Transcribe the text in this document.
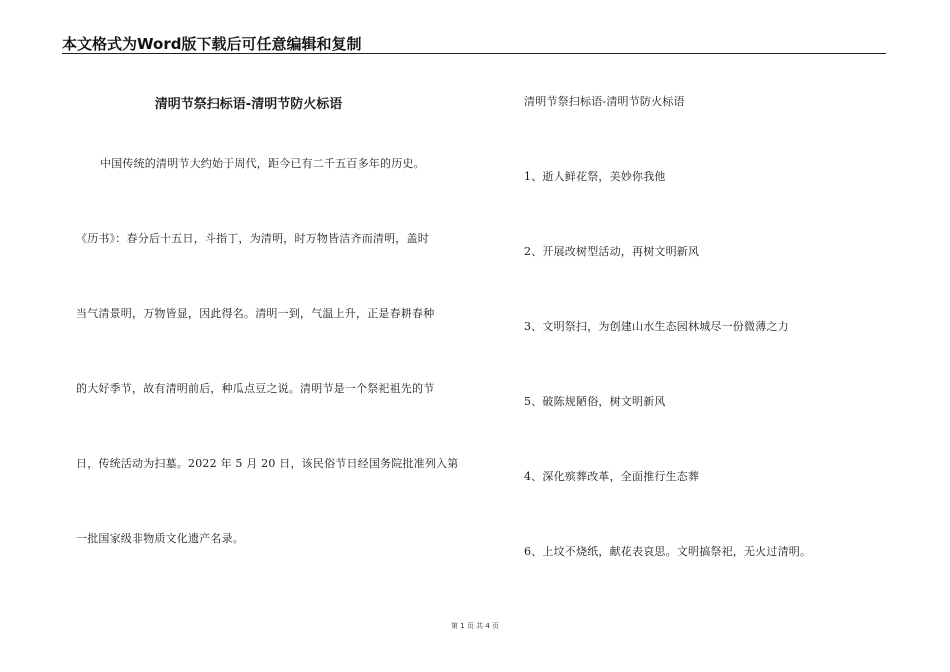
本文格式为Word版下载后可任意编辑和复制
清明节祭扫标语-清明节防火标语
中国传统的清明节大约始于周代，距今已有二千五百多年的历史。
《历书》：春分后十五日，斗指丁，为清明，时万物皆洁齐而清明，盖时
当气清景明，万物皆显，因此得名。清明一到，气温上升，正是春耕春种
的大好季节，故有清明前后，种瓜点豆之说。清明节是一个祭祀祖先的节
日，传统活动为扫墓。2022 年 5 月 20 日，该民俗节日经国务院批准列入第
一批国家级非物质文化遗产名录。
清明节祭扫标语-清明节防火标语
1、逝人鲜花祭，美妙你我他
2、开展改树型活动，再树文明新风
3、文明祭扫，为创建山水生态园林城尽一份微薄之力
5、破陈规陋俗，树文明新风
4、深化殡葬改革，全面推行生态葬
6、上坟不烧纸，献花表哀思。文明搞祭祀，无火过清明。
第 1 页 共 4 页
